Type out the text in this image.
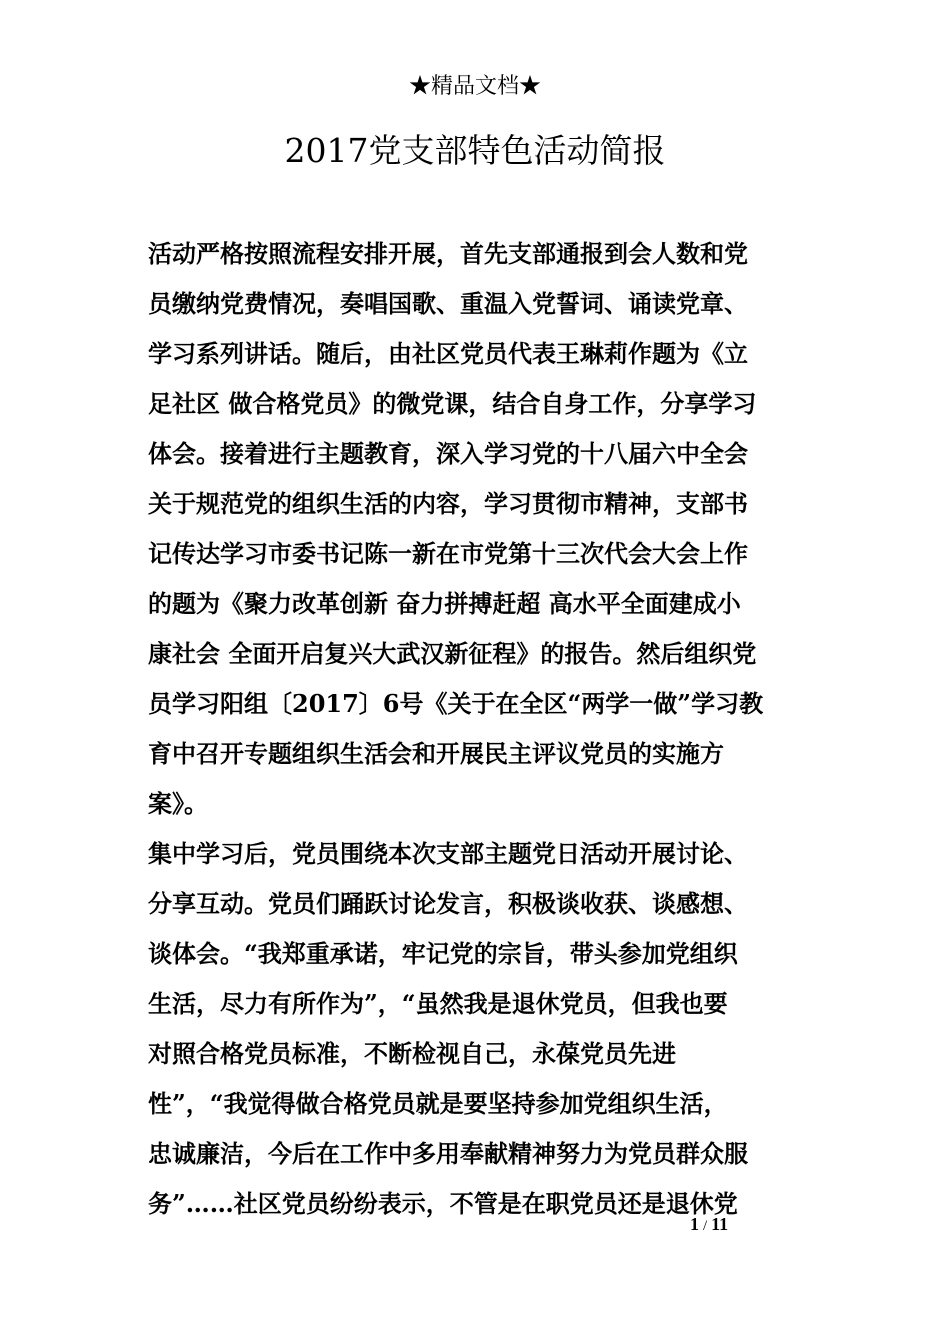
★精品文档★
2017党支部特色活动简报
活动严格按照流程安排开展，首先支部通报到会人数和党
员缴纳党费情况，奏唱国歌、重温入党誓词、诵读党章、
学习系列讲话。随后，由社区党员代表王琳莉作题为《立
足社区 做合格党员》的微党课，结合自身工作，分享学习
体会。接着进行主题教育，深入学习党的十八届六中全会
关于规范党的组织生活的内容，学习贯彻市精神，支部书
记传达学习市委书记陈一新在市党第十三次代会大会上作
的题为《聚力改革创新 奋力拼搏赶超 高水平全面建成小
康社会 全面开启复兴大武汉新征程》的报告。然后组织党
员学习阳组〔2017〕6号《关于在全区“两学一做”学习教
育中召开专题组织生活会和开展民主评议党员的实施方
案》。
集中学习后，党员围绕本次支部主题党日活动开展讨论、
分享互动。党员们踊跃讨论发言，积极谈收获、谈感想、
谈体会。“我郑重承诺，牢记党的宗旨，带头参加党组织
生活，尽力有所作为”，“虽然我是退休党员，但我也要
对照合格党员标准，不断检视自己，永葆党员先进
性”，“我觉得做合格党员就是要坚持参加党组织生活，
忠诚廉洁，今后在工作中多用奉献精神努力为党员群众服
务”……社区党员纷纷表示，不管是在职党员还是退休党
1 / 11
